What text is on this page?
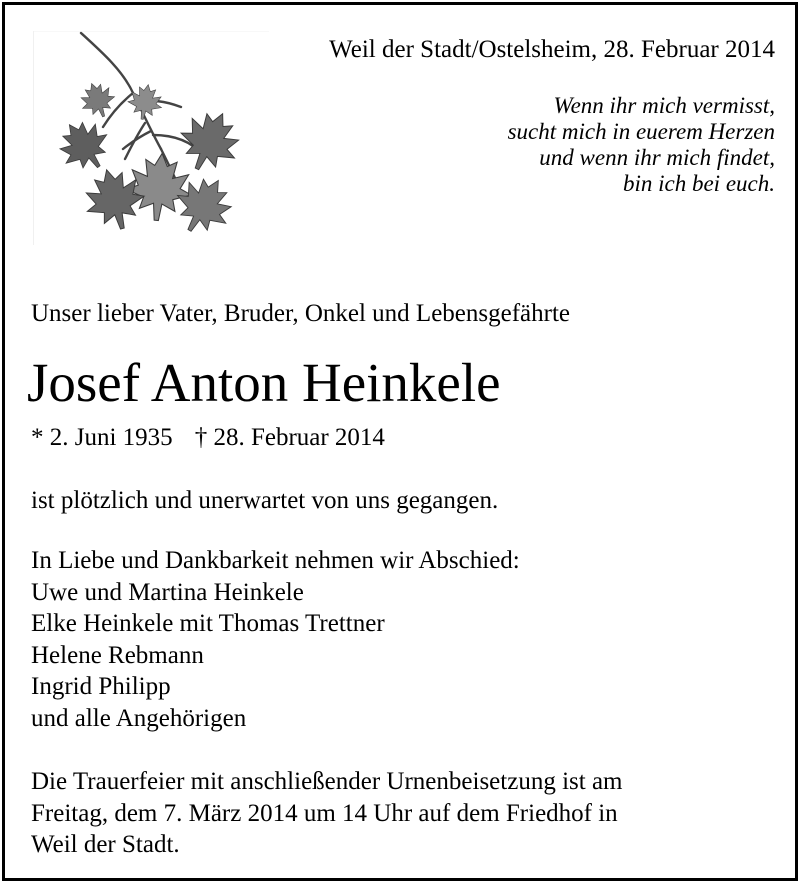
Weil der Stadt/Ostelsheim, 28. Februar 2014
Wenn ihr mich vermisst,
sucht mich in euerem Herzen
und wenn ihr mich findet,
bin ich bei euch.
Unser lieber Vater, Bruder, Onkel und Lebensgefährte
Josef Anton Heinkele
* 2. Juni 1935 † 28. Februar 2014
ist plötzlich und unerwartet von uns gegangen.
In Liebe und Dankbarkeit nehmen wir Abschied:
Uwe und Martina Heinkele
Elke Heinkele mit Thomas Trettner
Helene Rebmann
Ingrid Philipp
und alle Angehörigen
Die Trauerfeier mit anschließender Urnenbeisetzung ist am
Freitag, dem 7. März 2014 um 14 Uhr auf dem Friedhof in
Weil der Stadt.
